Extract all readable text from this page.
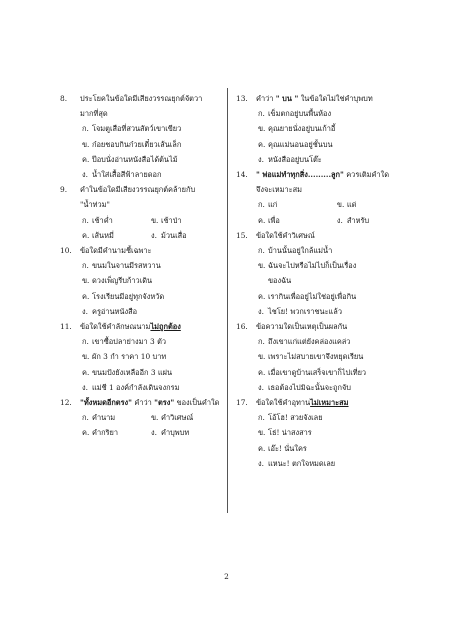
8.	ประโยคในข้อใดมีเสียงวรรณยุกต์จัตวา
มากที่สุด
ก. โจมตูเสือที่สวนสัตว์เขาเขียว
ข. ก๋อยชอบกินก๋วยเตี๋ยวเส้นเล็ก
ค. ป๊อบนั่งอ่านหนังสือได้ต้นไม้
ง. น้ำใส่เสื้อสีฟ้าลายดอก
9.	คำในข้อใดมีเสียงวรรณยุกต์คล้ายกับ
"น้ำท่วม"
ก. เช้าค่ำ	ข. เช้าป่า
ค. เส้นหมี่	ง. ม้วนเสื่อ
10.	ข้อใดมีคำนามชี้เฉพาะ
ก. ขนมในจานมีรสหวาน
ข. ดวงเพ็ญรีบก้าวเดิน
ค. โรงเรียนมีอยู่ทุกจังหวัด
ง. ครูอ่านหนังสือ
11.	ข้อใดใช้คำลักษณนามไม่ถูกต้อง
ก. เขาซื้อปลาย่างมา 3 ตัว
ข. ผัก 3 กำ ราคา 10 บาท
ค. ขนมปังยังเหลืออีก 3 แผ่น
ง. แม่ชี 1 องค์กำลังเดินจงกรม
12.	"ทั้งหมดอีกตรง" คำว่า "ตรง" ของเป็นคำใด
ก. คำนาม	ข. คำวิเศษณ์
ค. คำกริยา	ง. คำบุพบท
13.	คำว่า " บน " ในข้อใดไม่ใช่คำบุพบท
ก. เข็มตกอยู่บนพื้นห้อง
ข. คุณยายนั่งอยู่บนเก้าอี้
ค. คุณแม่นอนอยู่ชั้นบน
ง. หนังสืออยู่บนโต๊ะ
14.	" พ่อแม่ทำทุกสิ่ง.........ลูก" ควรเติมคำใด
จึงจะเหมาะสม
ก. แก่	ข. แด่
ค. เพื่อ	ง. สำหรับ
15.	ข้อใดใช้คำวิเศษณ์
ก. บ้านนั้นอยู่ใกล้แม่น้ำ
ข. ฉันจะไปหรือไม่ไปก็เป็นเรื่อง
ของฉัน
ค. เรากินเพื่ออยู่ไม่ใช่อยู่เพื่อกิน
ง. ไชโย! พวกเราชนะแล้ว
16.	ข้อความใดเป็นเหตุเป็นผลกัน
ก. ถึงเขาแก่แต่ยังคล่องแคล่ว
ข. เพราะไม่สบายเขาจึงหยุดเรียน
ค. เมื่อเขาดูบ้านเสร็จเขาก็ไปเที่ยว
ง. เธอต้องไปมิฉะนั้นจะถูกจับ
17.	ข้อใดใช้คำอุทานไม่เหมาะสม
ก. โอ้โฮ! สวยจังเลย
ข. โธ่! น่าสงสาร
ค. เอ๊ะ! นั่นใคร
ง. แหนะ! ตกใจหมดเลย
2
